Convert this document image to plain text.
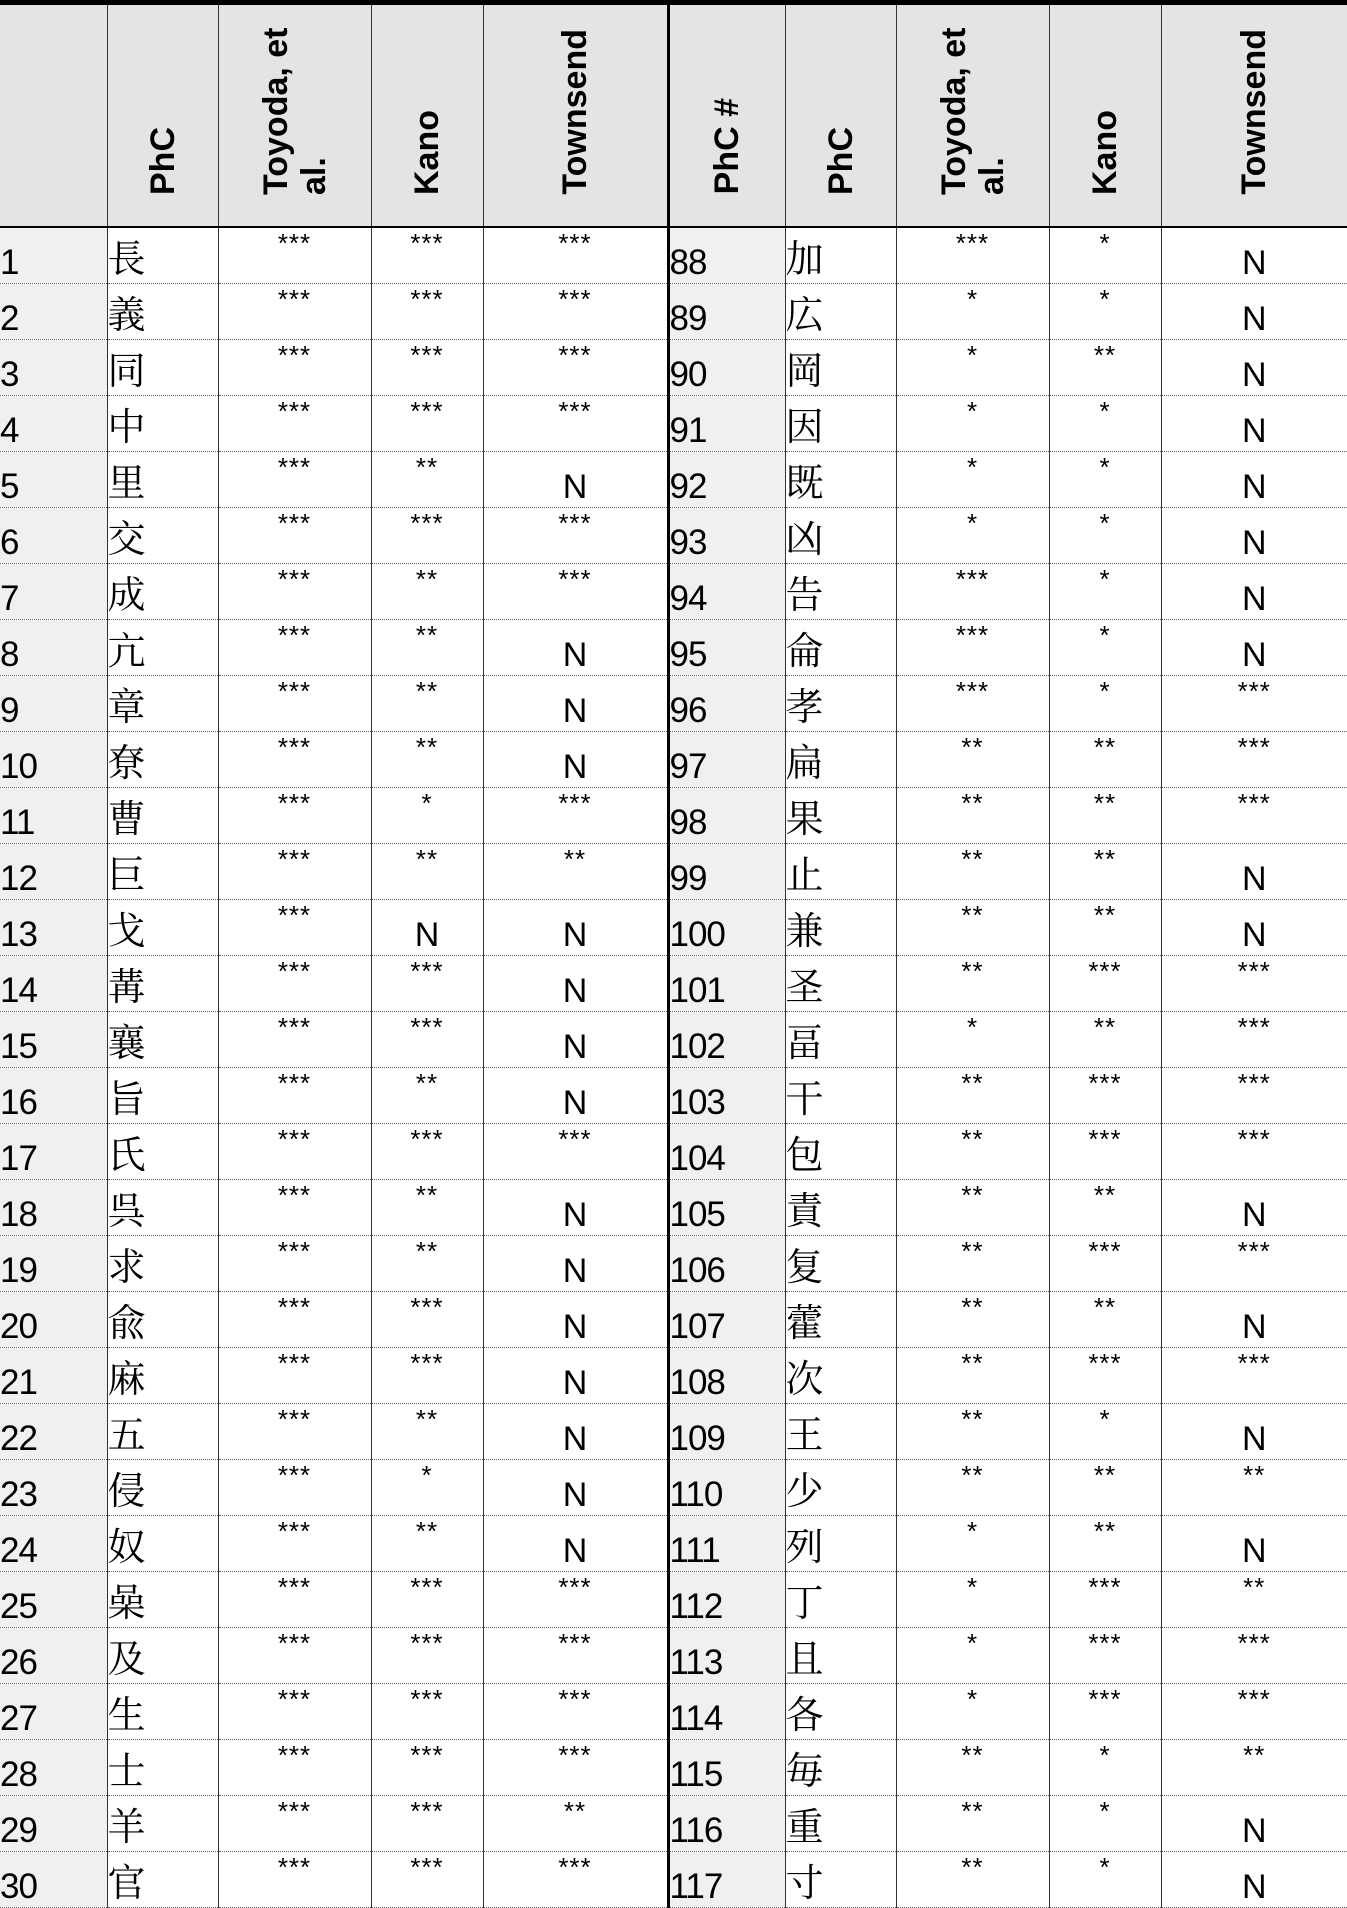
	PhC	Toyoda, et al.	Kano	Townsend	PhC #	PhC	Toyoda, et al.	Kano	Townsend
1	長	***	***	***	88	加	***	*	N
2	義	***	***	***	89	広	*	*	N
3	同	***	***	***	90	岡	*	**	N
4	中	***	***	***	91	因	*	*	N
5	里	***	**	N	92	既	*	*	N
6	交	***	***	***	93	凶	*	*	N
7	成	***	**	***	94	告	***	*	N
8	亢	***	**	N	95	侖	***	*	N
9	章	***	**	N	96	孝	***	*	***
10	尞	***	**	N	97	扁	**	**	***
11	曹	***	*	***	98	果	**	**	***
12	巨	***	**	**	99	止	**	**	N
13	戈	***	N	N	100	兼	**	**	N
14	冓	***	***	N	101	圣	**	***	***
15	襄	***	***	N	102	畐	*	**	***
16	旨	***	**	N	103	干	**	***	***
17	氏	***	***	***	104	包	**	***	***
18	呉	***	**	N	105	責	**	**	N
19	求	***	**	N	106	复	**	***	***
20	兪	***	***	N	107	藿	**	**	N
21	麻	***	***	N	108	次	**	***	***
22	五	***	**	N	109	王	**	*	N
23	侵	***	*	N	110	少	**	**	**
24	奴	***	**	N	111	列	*	**	N
25	喿	***	***	***	112	丁	*	***	**
26	及	***	***	***	113	且	*	***	***
27	生	***	***	***	114	各	*	***	***
28	士	***	***	***	115	毎	**	*	**
29	羊	***	***	**	116	重	**	*	N
30	官	***	***	***	117	寸	**	*	N
